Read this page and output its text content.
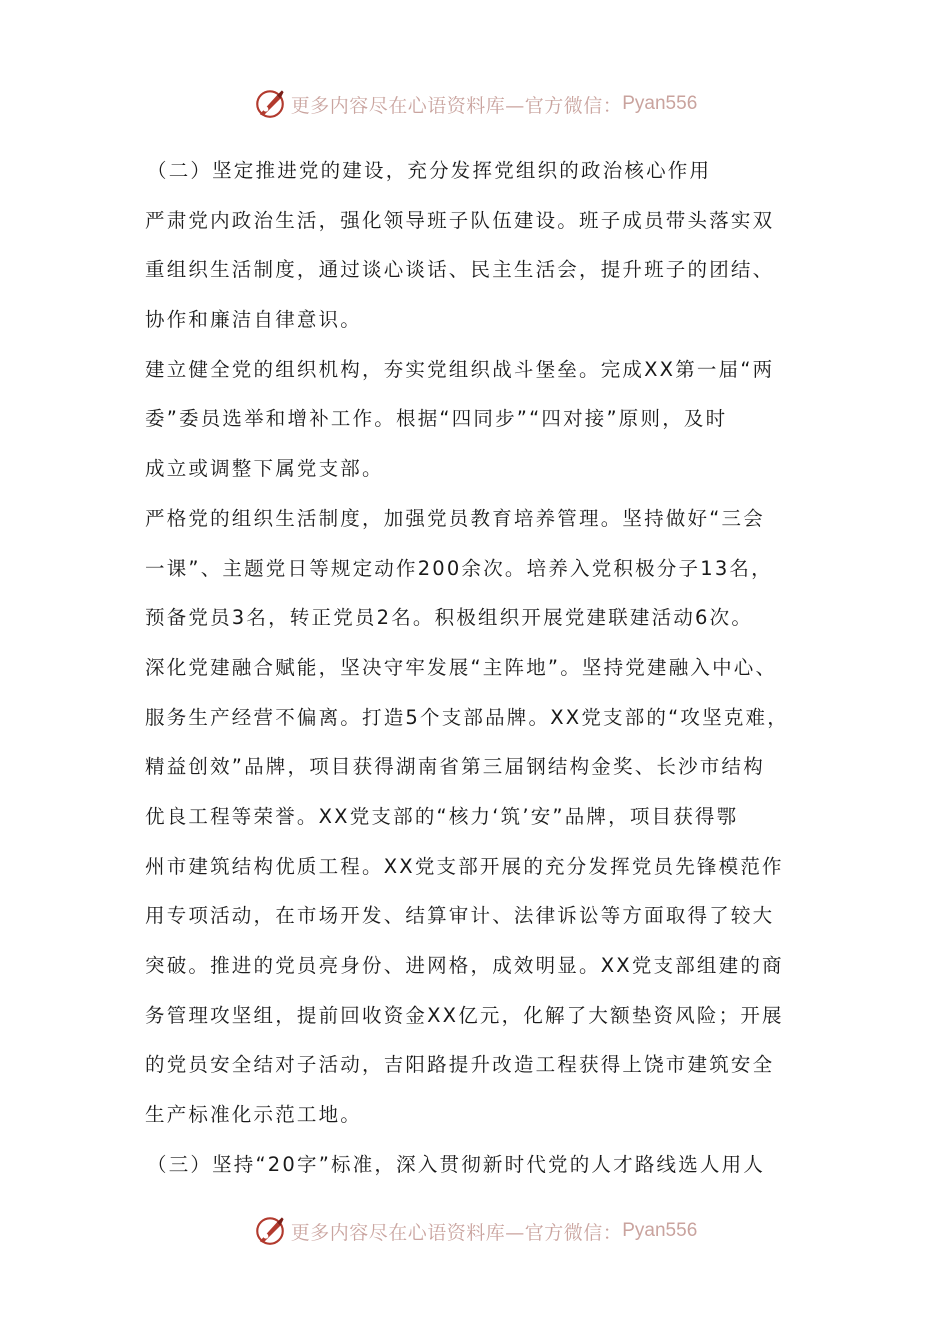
更多内容尽在心语资料库—官方微信： Pyan556
（二）坚定推进党的建设，充分发挥党组织的政治核心作用
严肃党内政治生活，强化领导班子队伍建设。班子成员带头落实双
重组织生活制度，通过谈心谈话、民主生活会，提升班子的团结、
协作和廉洁自律意识。
建立健全党的组织机构，夯实党组织战斗堡垒。完成XX第一届“两
委”委员选举和增补工作。根据“四同步”“四对接”原则，及时
成立或调整下属党支部。
严格党的组织生活制度，加强党员教育培养管理。坚持做好“三会
一课”、主题党日等规定动作200余次。培养入党积极分子13名，
预备党员3名，转正党员2名。积极组织开展党建联建活动6次。
深化党建融合赋能，坚决守牢发展“主阵地”。坚持党建融入中心、
服务生产经营不偏离。打造5个支部品牌。XX党支部的“攻坚克难，
精益创效”品牌，项目获得湖南省第三届钢结构金奖、长沙市结构
优良工程等荣誉。XX党支部的“核力‘筑’安”品牌，项目获得鄂
州市建筑结构优质工程。XX党支部开展的充分发挥党员先锋模范作
用专项活动，在市场开发、结算审计、法律诉讼等方面取得了较大
突破。推进的党员亮身份、进网格，成效明显。XX党支部组建的商
务管理攻坚组，提前回收资金XX亿元，化解了大额垫资风险；开展
的党员安全结对子活动，吉阳路提升改造工程获得上饶市建筑安全
生产标准化示范工地。
（三）坚持“20字”标准，深入贯彻新时代党的人才路线选人用人
更多内容尽在心语资料库—官方微信： Pyan556
